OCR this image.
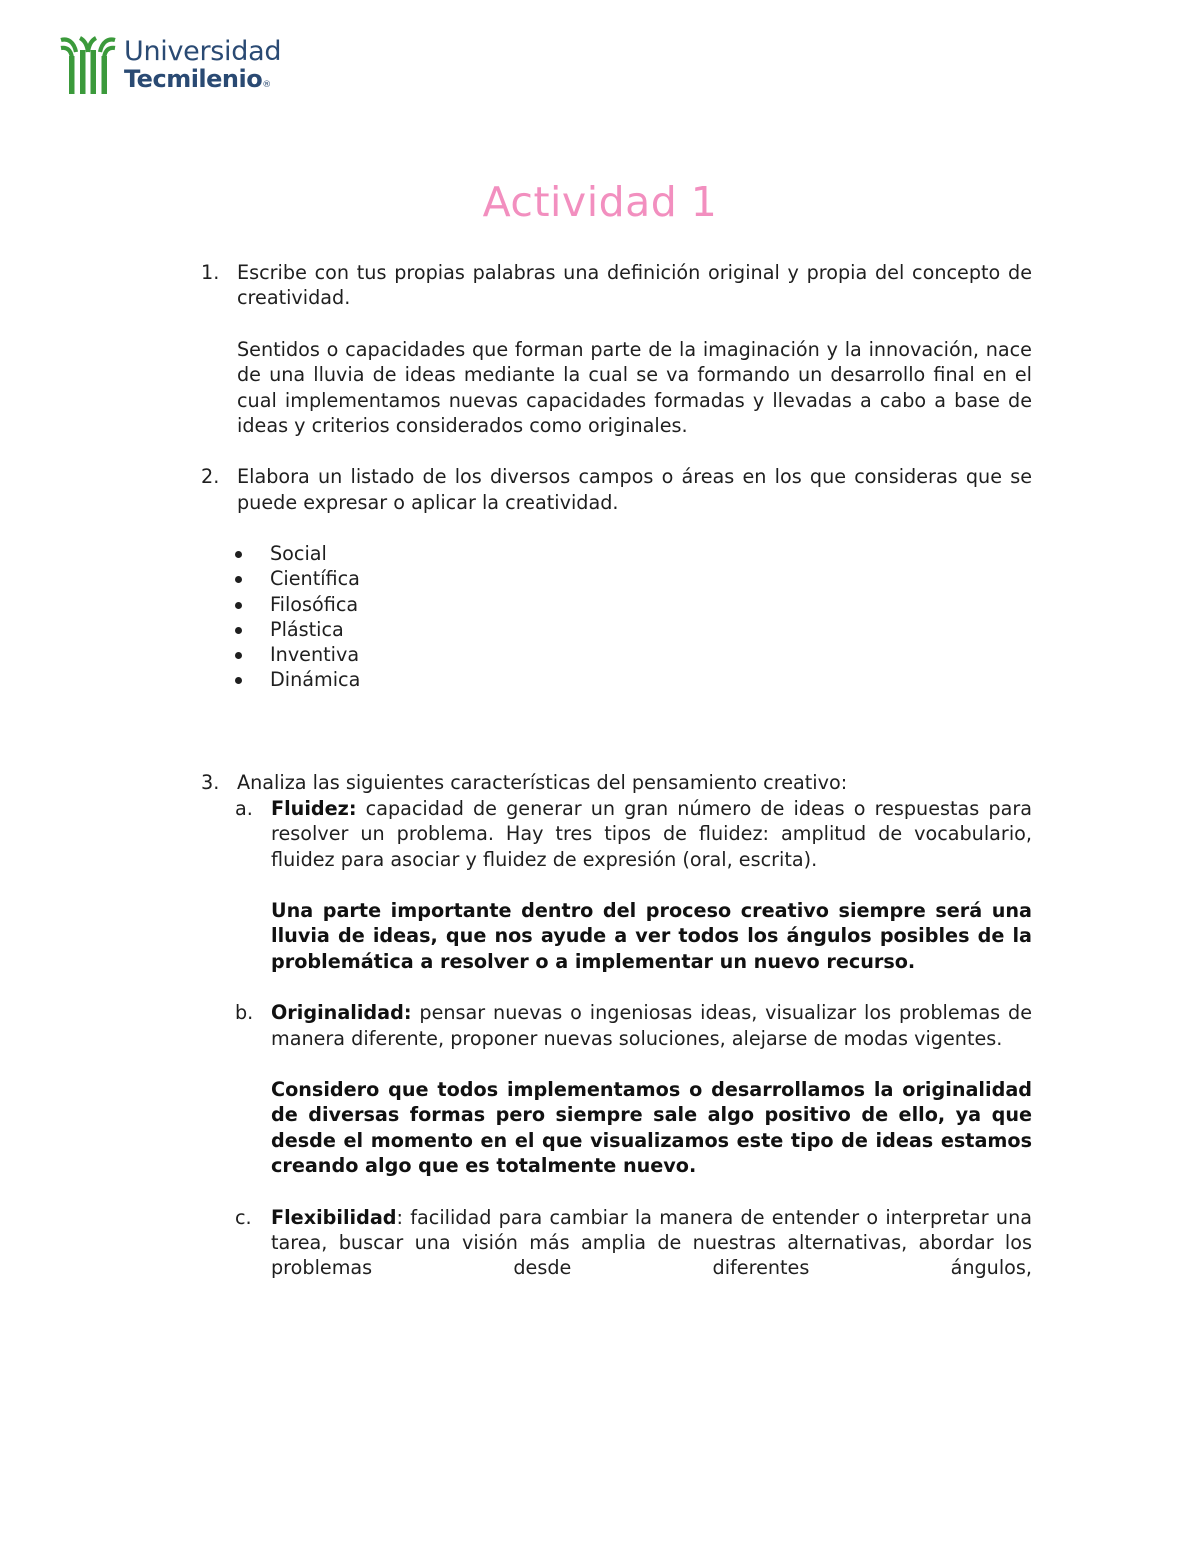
Universidad
Tecmilenio®
Actividad 1
1. Escribe con tus propias palabras una definición original y propia del concepto de creatividad.

Sentidos o capacidades que forman parte de la imaginación y la innovación, nace de una lluvia de ideas mediante la cual se va formando un desarrollo final en el cual implementamos nuevas capacidades formadas y llevadas a cabo a base de ideas y criterios considerados como originales.

2. Elabora un listado de los diversos campos o áreas en los que consideras que se puede expresar o aplicar la creatividad.

Social
Científica
Filosófica
Plástica
Inventiva
Dinámica
3. Analiza las siguientes características del pensamiento creativo:

a. Fluidez: capacidad de generar un gran número de ideas o respuestas para resolver un problema. Hay tres tipos de fluidez: amplitud de vocabulario, fluidez para asociar y fluidez de expresión (oral, escrita).

Una parte importante dentro del proceso creativo siempre será una lluvia de ideas, que nos ayude a ver todos los ángulos posibles de la problemática a resolver o a implementar un nuevo recurso.

b. Originalidad: pensar nuevas o ingeniosas ideas, visualizar los problemas de manera diferente, proponer nuevas soluciones, alejarse de modas vigentes.

Considero que todos implementamos o desarrollamos la originalidad de diversas formas pero siempre sale algo positivo de ello, ya que desde el momento en el que visualizamos este tipo de ideas estamos creando algo que es totalmente nuevo.

c. Flexibilidad: facilidad para cambiar la manera de entender o interpretar una tarea, buscar una visión más amplia de nuestras alternativas, abordar los problemas desde diferentes ángulos,
